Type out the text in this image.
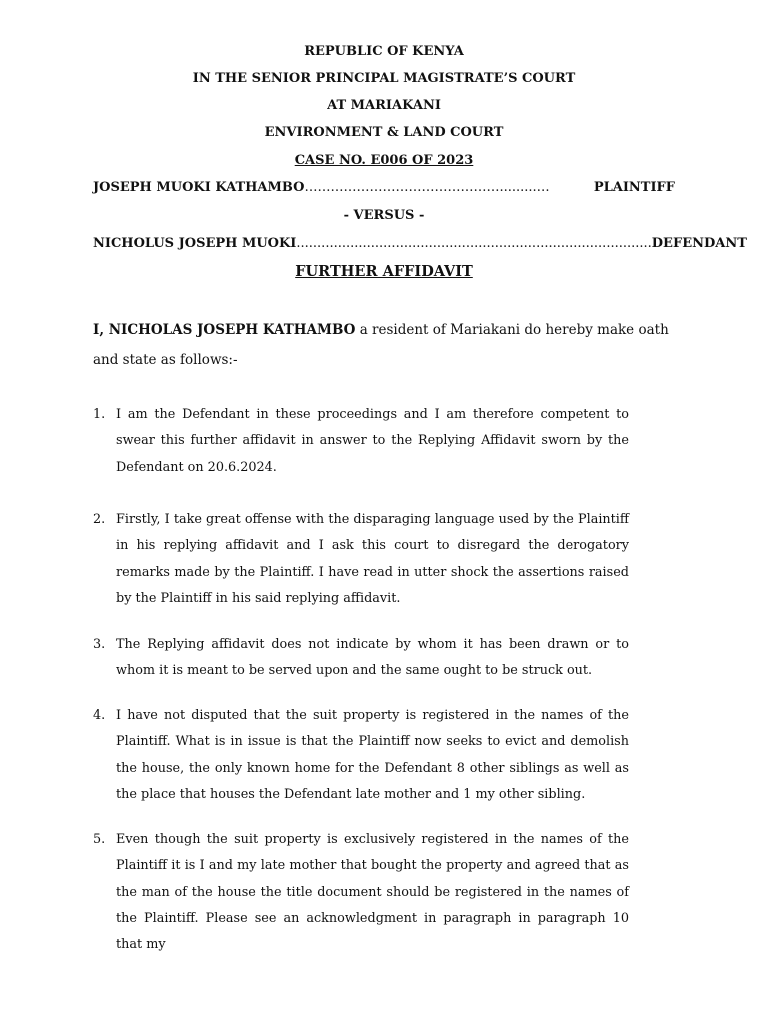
REPUBLIC OF KENYA
IN THE SENIOR PRINCIPAL MAGISTRATE’S COURT
AT MARIAKANI
ENVIRONMENT & LAND COURT
CASE NO. E006 OF 2023
JOSEPH MUOKI KATHAMBO ……………………………………….........…	PLAINTIFF
- VERSUS -
NICHOLUS JOSEPH MUOKI ...................................................................................... DEFENDANT
FURTHER AFFIDAVIT
I, NICHOLAS JOSEPH KATHAMBO a resident of Mariakani do hereby make oath and state as follows:-
1. I am the Defendant in these proceedings and I am therefore competent to swear this further affidavit in answer to the Replying Affidavit sworn by the Defendant on 20.6.2024.
2. Firstly, I take great offense with the disparaging language used by the Plaintiff in his replying affidavit and I ask this court to disregard the derogatory remarks made by the Plaintiff. I have read in utter shock the assertions raised by the Plaintiff in his said replying affidavit.
3. The Replying affidavit does not indicate by whom it has been drawn or to whom it is meant to be served upon and the same ought to be struck out.
4. I have not disputed that the suit property is registered in the names of the Plaintiff. What is in issue is that the Plaintiff now seeks to evict and demolish the house, the only known home for the Defendant 8 other siblings as well as the place that houses the Defendant late mother and 1 my other sibling.
5. Even though the suit property is exclusively registered in the names of the Plaintiff it is I and my late mother that bought the property and agreed that as the man of the house the title document should be registered in the names of the Plaintiff. Please see an acknowledgment in paragraph in paragraph 10 that my
